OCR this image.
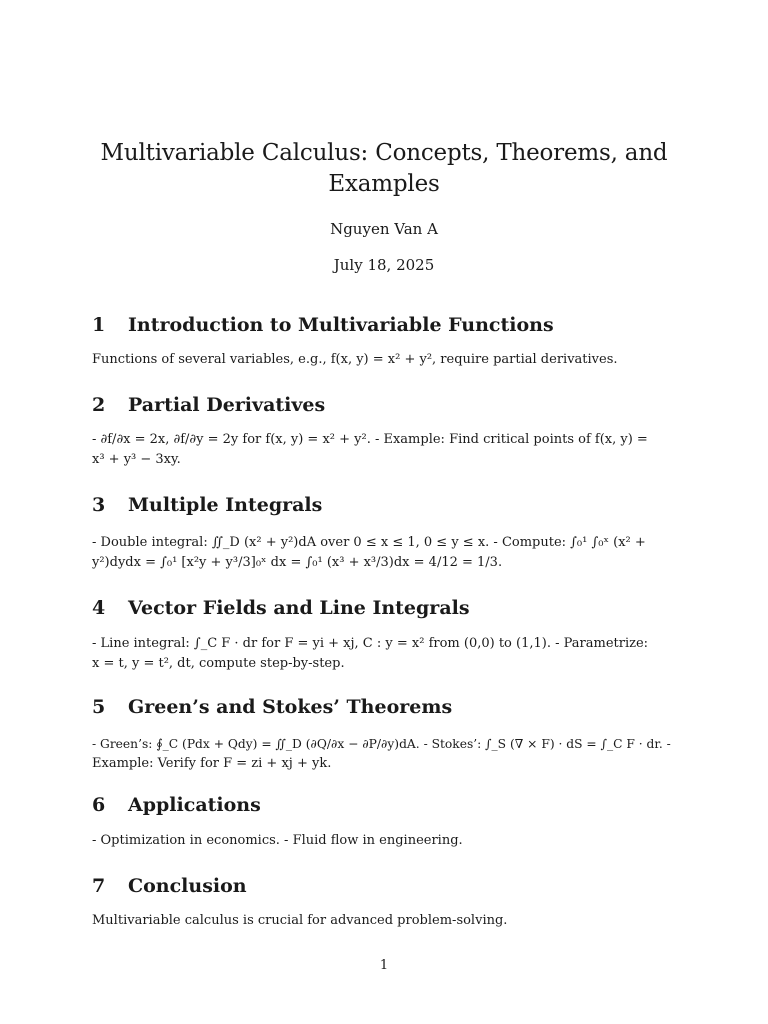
Multivariable Calculus: Concepts, Theorems, and
Examples
Nguyen Van A
July 18, 2025
1 Introduction to Multivariable Functions
Functions of several variables, e.g., f(x, y) = x² + y², require partial derivatives.
2 Partial Derivatives
- ∂f/∂x = 2x, ∂f/∂y = 2y for f(x, y) = x² + y². - Example: Find critical points of f(x, y) =
x³ + y³ − 3xy.
3 Multiple Integrals
- Double integral: ∬_D (x² + y²)dA over 0 ≤ x ≤ 1, 0 ≤ y ≤ x. - Compute: ∫₀¹ ∫₀ˣ (x² +
y²)dydx = ∫₀¹ [x²y + y³/3]₀ˣ dx = ∫₀¹ (x³ + x³/3)dx = 4/12 = 1/3.
4 Vector Fields and Line Integrals
- Line integral: ∫_C F · dr for F = yi + xj, C : y = x² from (0,0) to (1,1). - Parametrize:
x = t, y = t², dt, compute step-by-step.
5 Green’s and Stokes’ Theorems
- Green’s: ∮_C (Pdx + Qdy) = ∬_D (∂Q/∂x − ∂P/∂y)dA. - Stokes’: ∫_S (∇ × F) · dS = ∫_C F · dr. -
Example: Verify for F = zi + xj + yk.
6 Applications
- Optimization in economics. - Fluid flow in engineering.
7 Conclusion
Multivariable calculus is crucial for advanced problem-solving.
1
